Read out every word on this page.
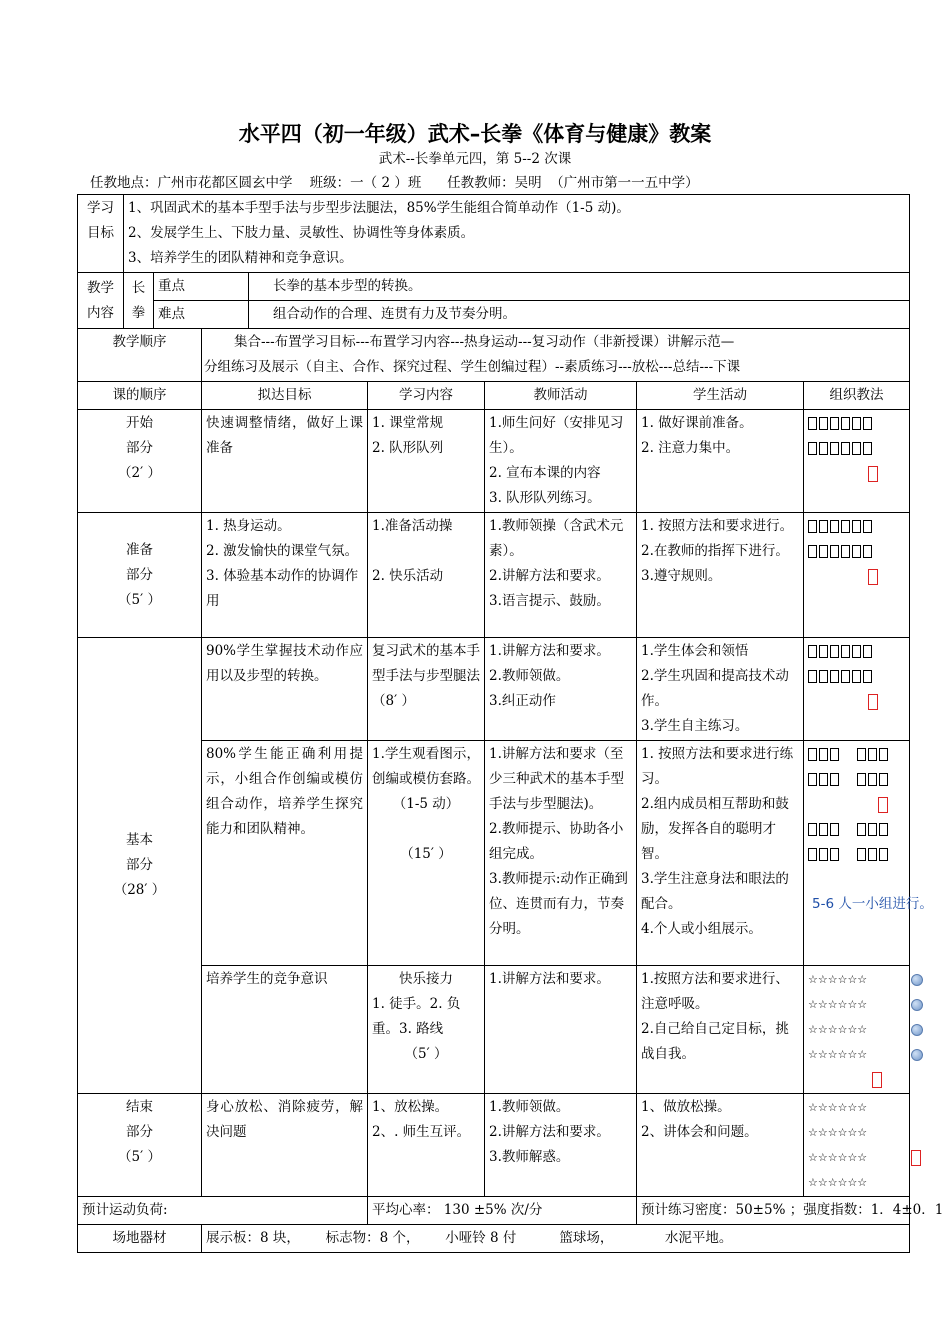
水平四（初一年级）武术–长拳《体育与健康》教案
武术--长拳单元四，第 5--2 次课
任教地点：广州市花都区圆玄中学    班级：一（ 2 ）班      任教教师：吴明  （广州市第一一五中学）
学习目标	1、巩固武术的基本手型手法与步型步法腿法，85%学生能组合简单动作（1-5 动)。
2、发展学生上、下肢力量、灵敏性、协调性等身体素质。
3、培养学生的团队精神和竞争意识。							

教学内容	长拳	重点		长拳的基本步型的转换。				
		难点		组合动作的合理、连贯有力及节奏分明。				
教学顺序			集合---布置学习目标---布置学习内容---热身运动---复习动作（非新授课）讲解示范—
分组练习及展示（自主、合作、探究过程、学生创编过程）--素质练习---放松---总结---下课					

课的顺序			拟达目标		学习内容	教师活动	学生活动	组织教法

开始
部分
（2′ ）			快速调整情绪，做好上课准备		1. 课堂常规
2. 队形队列	1.师生问好（安排见习生）。
2. 宣布本课的内容
3. 队形队列练习。	1. 做好课前准备。
2. 注意力集中。	

准备
部分
（5′ ）			1. 热身运动。
2. 激发愉快的课堂气氛。
3. 体验基本动作的协调作用		1.准备活动操
2. 快乐活动	1.教师领操（含武术元素）。
2.讲解方法和要求。
3.语言提示、鼓励。	1. 按照方法和要求进行。
2.在教师的指挥下进行。
3.遵守规则。	

基本
部分
（28′ ）			90%学生掌握技术动作应用以及步型的转换。		复习武术的基本手型手法与步型腿法（8′ ）	1.讲解方法和要求。
2.教师领做。
3.纠正动作	1.学生体会和领悟
2.学生巩固和提高技术动作。
3.学生自主练习。	

			80%学生能正确利用提示，小组合作创编或模仿组合动作，培养学生探究能力和团队精神。		1.学生观看图示，创编或模仿套路。
（1-5 动）
（15′ ）	1.讲解方法和要求（至少三种武术的基本手型手法与步型腿法)。
2.教师提示、协助各小组完成。
3.教师提示:动作正确到位、连贯而有力，节奏分明。	1. 按照方法和要求进行练习。
2.组内成员相互帮助和鼓励，发挥各自的聪明才智。
3.学生注意身法和眼法的配合。
4.个人或小组展示。	5-6 人一小组进行。

			培养学生的竞争意识		快乐接力
1. 徒手。2. 负重。3. 路线
（5′ ）	1.讲解方法和要求。	1.按照方法和要求进行、注意呼吸。
2.自己给自己定目标，挑战自我。	☆☆☆☆☆☆
☆☆☆☆☆☆
☆☆☆☆☆☆
☆☆☆☆☆☆

结束
部分
（5′ ）			身心放松、消除疲劳，解决问题		1、放松操。
2、. 师生互评。	1.教师领做。
2.讲解方法和要求。
3.教师解惑。	1、做放松操。
2、讲体会和问题。	☆☆☆☆☆☆
☆☆☆☆☆☆
☆☆☆☆☆☆
☆☆☆☆☆☆

预计运动负荷:					平均心率： 130 ±5% 次/分		预计练习密度：50±5% ；强度指数：1．4±0．1	
场地器材			展示板：8 块，      标志物：8 个，      小哑铃 8 付          篮球场，            水泥平地。					
